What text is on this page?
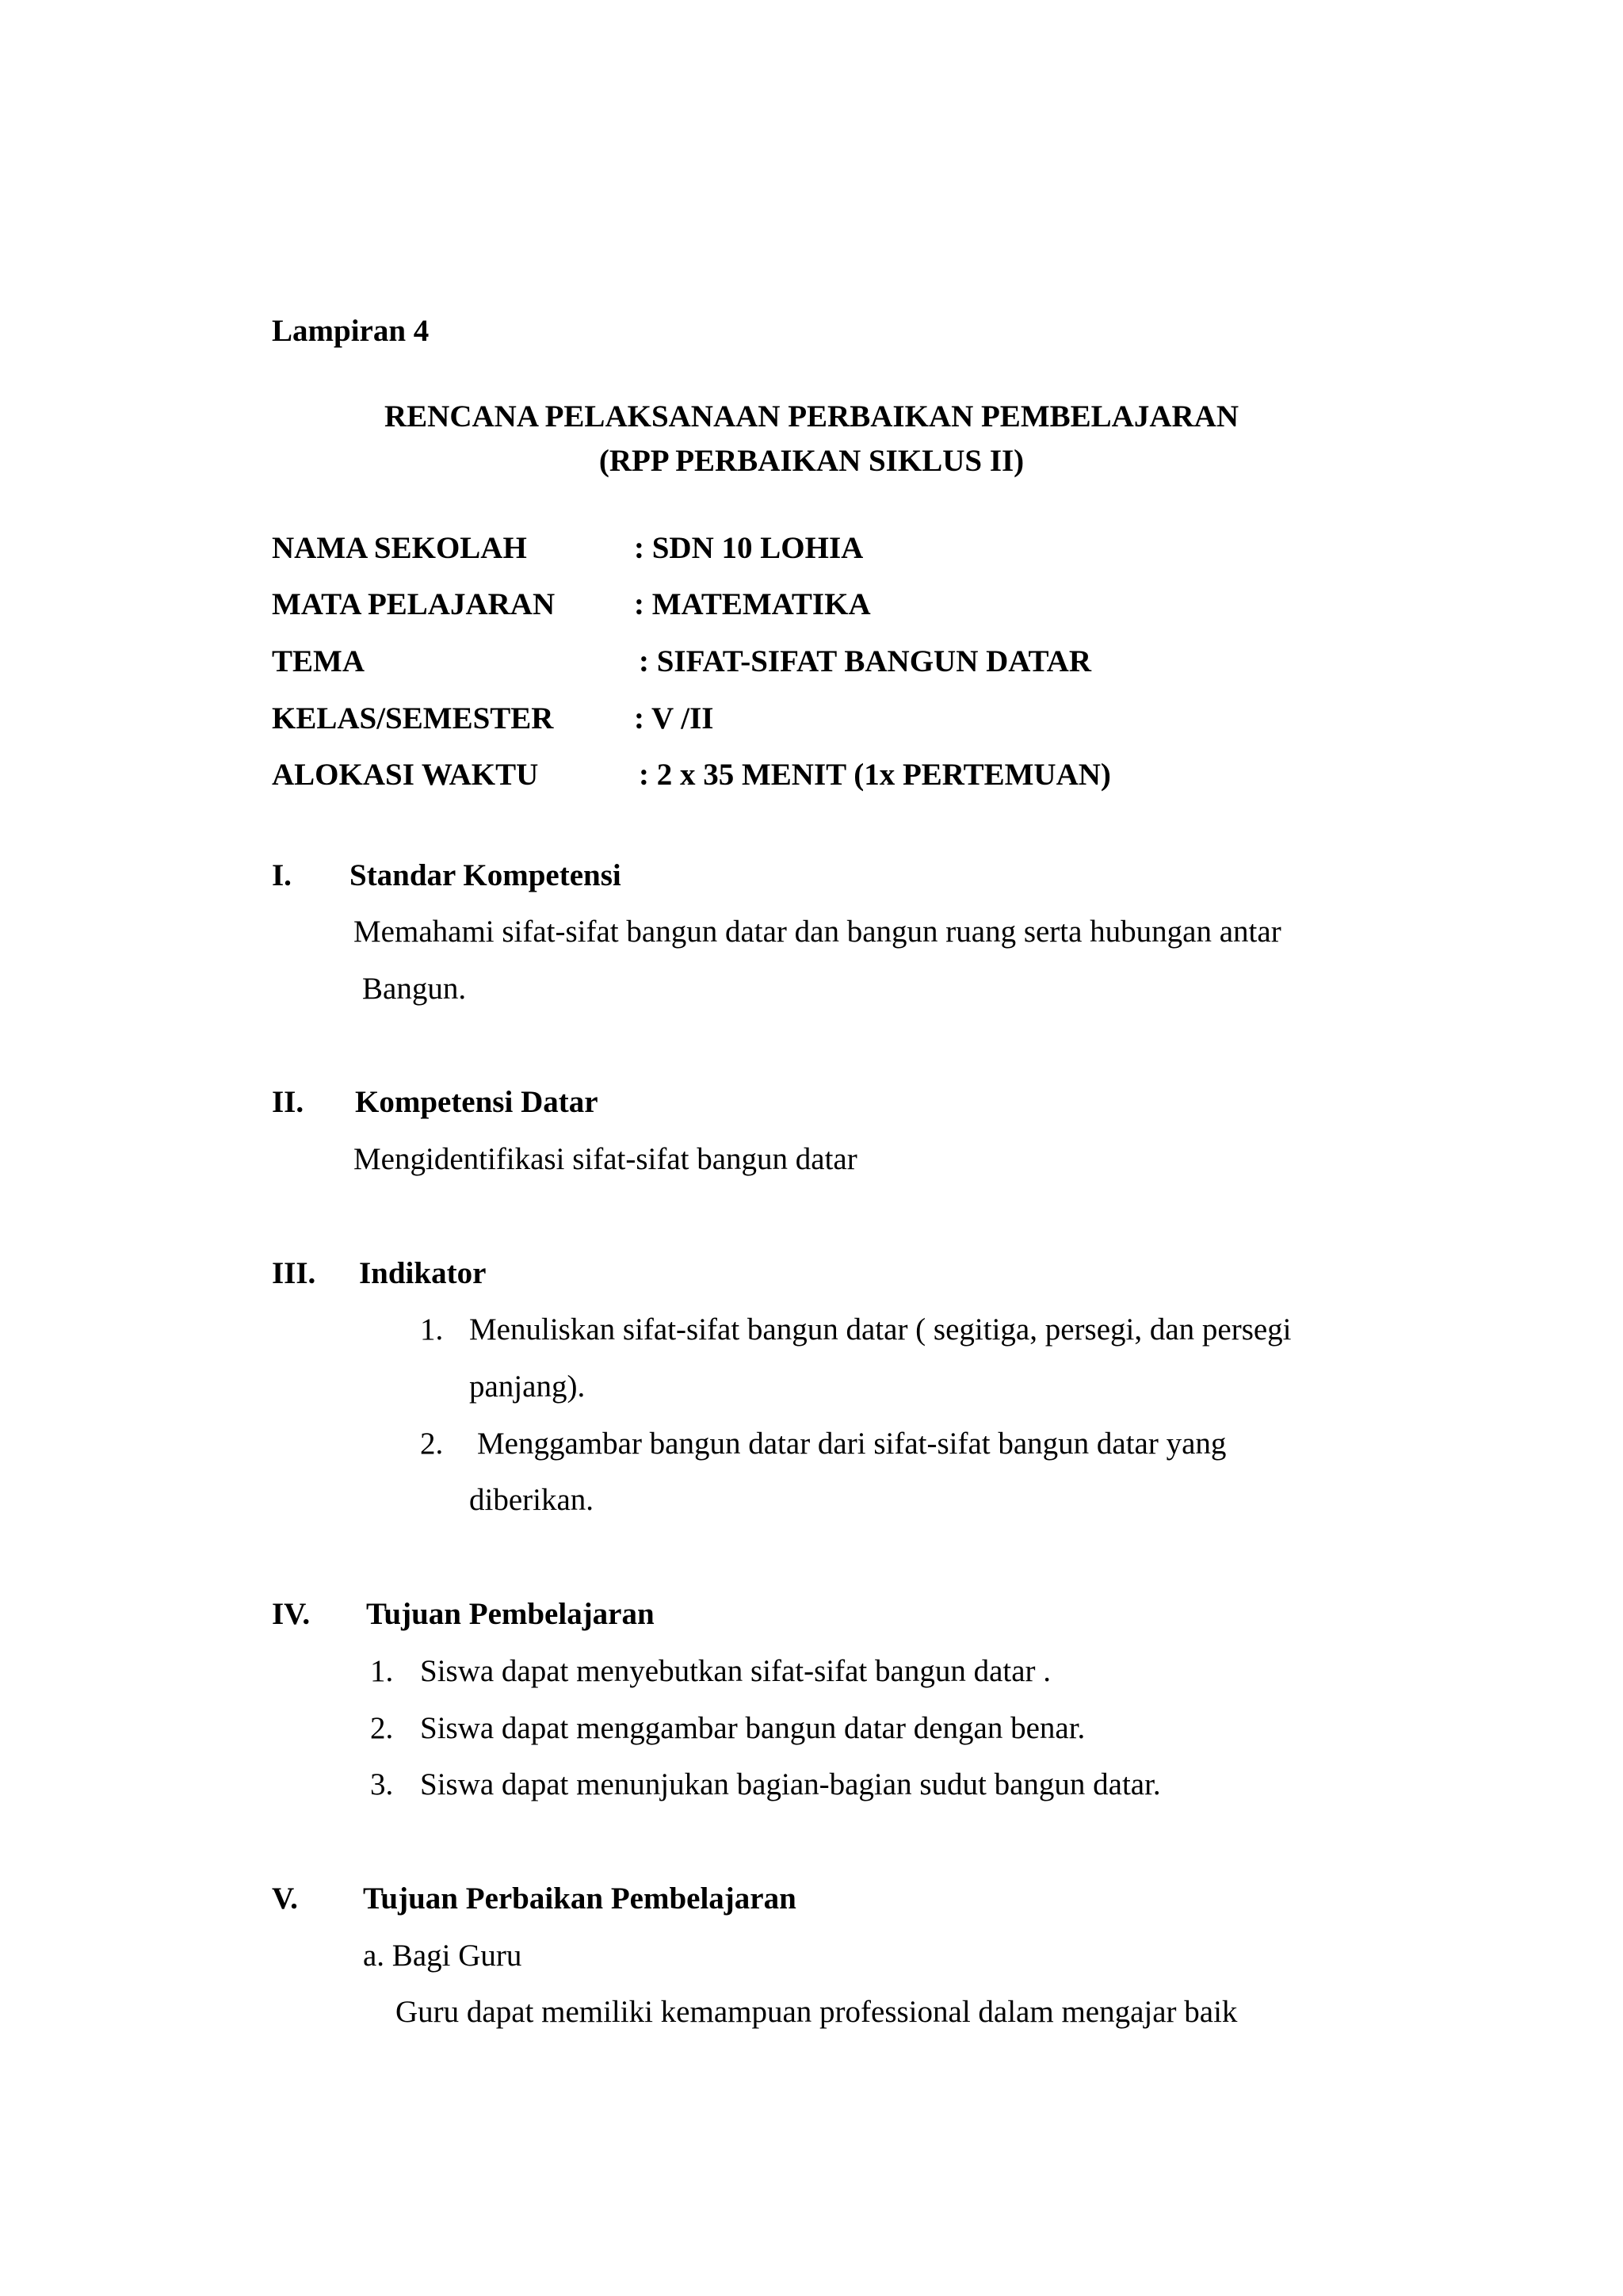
Lampiran 4
RENCANA PELAKSANAAN PERBAIKAN PEMBELAJARAN
(RPP PERBAIKAN SIKLUS II)
NAMA SEKOLAH	: SDN 10 LOHIA
MATA PELAJARAN	: MATEMATIKA
TEMA	: SIFAT-SIFAT BANGUN DATAR
KELAS/SEMESTER	: V /II
ALOKASI WAKTU	: 2 x 35 MENIT (1x PERTEMUAN)
I. Standar Kompetensi
Memahami sifat-sifat bangun datar dan bangun ruang serta hubungan antar
Bangun.
II. Kompetensi Datar
Mengidentifikasi sifat-sifat bangun datar
III. Indikator
1. Menuliskan sifat-sifat bangun datar ( segitiga, persegi, dan persegi
panjang).
2. Menggambar bangun datar dari sifat-sifat bangun datar yang
diberikan.
IV. Tujuan Pembelajaran
1. Siswa dapat menyebutkan sifat-sifat bangun datar .
2. Siswa dapat menggambar bangun datar dengan benar.
3. Siswa dapat menunjukan bagian-bagian sudut bangun datar.
V. Tujuan Perbaikan Pembelajaran
a. Bagi Guru
Guru dapat memiliki kemampuan professional dalam mengajar baik
